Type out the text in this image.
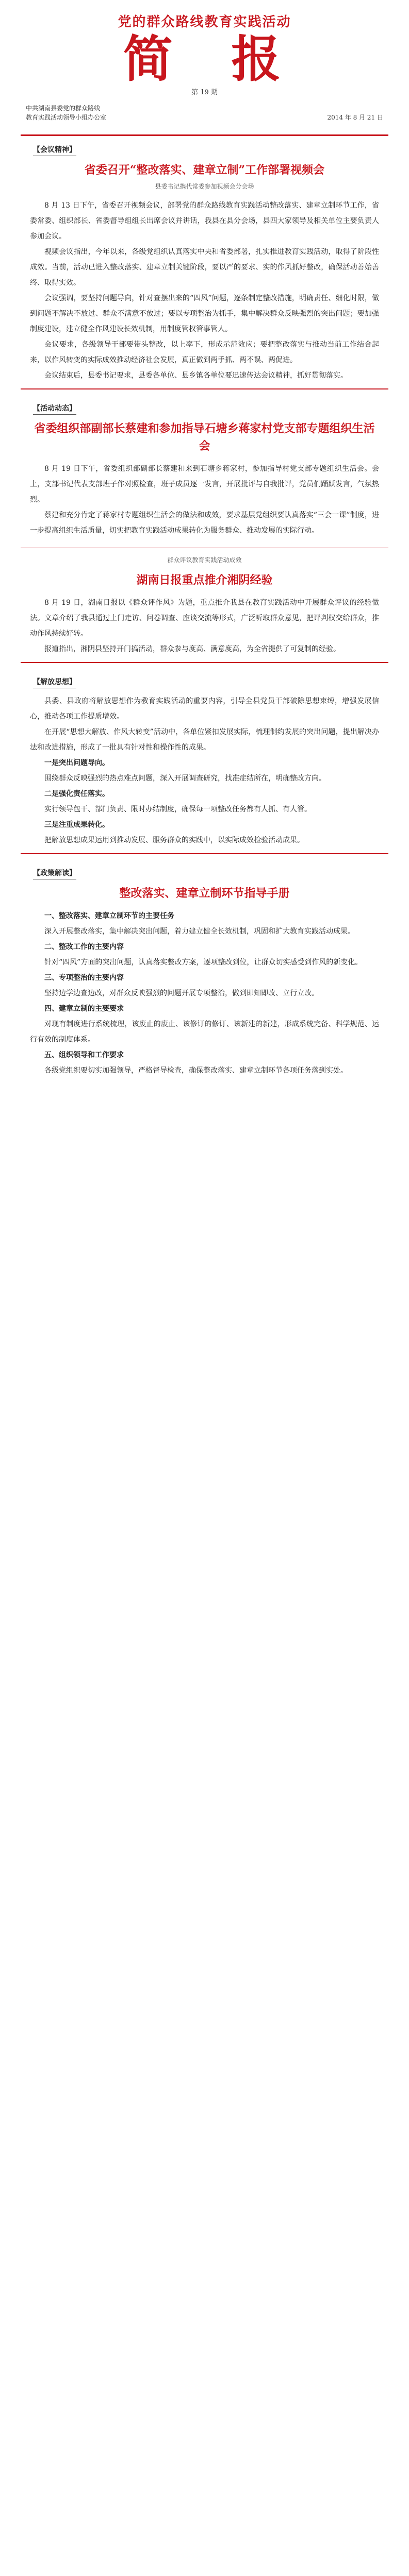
党的群众路线教育实践活动
简 报
第 19 期
中共湖南县委党的群众路线
教育实践活动领导小组办公室	2014 年 8 月 21 日
【会议精神】
省委召开“整改落实、建章立制”工作部署视频会
县委书记携代常委参加视频会分会场

8 月 13 日下午，省委召开视频会议，部署党的群众路线教育实践活动整改落实、建章立制环节工作，省委常委、组织部长、省委督导组组长出席会议并讲话，我县在县分会场，县四大家领导及相关单位主要负责人参加会议。

视频会议指出，今年以来，各级党组织认真落实中央和省委部署，扎实推进教育实践活动，取得了阶段性成效。当前，活动已进入整改落实、建章立制关键阶段，要以严的要求、实的作风抓好整改，确保活动善始善终、取得实效。

会议强调，要坚持问题导向，针对查摆出来的“四风”问题，逐条制定整改措施，明确责任、细化时限，做到问题不解决不放过、群众不满意不放过；要以专项整治为抓手，集中解决群众反映强烈的突出问题；要加强制度建设，建立健全作风建设长效机制，用制度管权管事管人。

会议要求，各级领导干部要带头整改，以上率下，形成示范效应；要把整改落实与推动当前工作结合起来，以作风转变的实际成效推动经济社会发展，真正做到两手抓、两不误、两促进。

会议结束后，县委书记要求，县委各单位、县乡镇各单位要迅速传达会议精神，抓好贯彻落实。

【活动动态】
省委组织部副部长蔡建和参加指导石塘乡蒋家村党支部专题组织生活会

8 月 19 日下午，省委组织部副部长蔡建和来到石塘乡蒋家村，参加指导村党支部专题组织生活会。会上，支部书记代表支部班子作对照检查，班子成员逐一发言，开展批评与自我批评，党员们踊跃发言，气氛热烈。

蔡建和充分肯定了蒋家村专题组织生活会的做法和成效，要求基层党组织要认真落实“三会一课”制度，进一步提高组织生活质量，切实把教育实践活动成果转化为服务群众、推动发展的实际行动。

群众评议教育实践活动成效
湖南日报重点推介湘阴经验

8 月 19 日，湖南日报以《群众评作风》为题，重点推介我县在教育实践活动中开展群众评议的经验做法。文章介绍了我县通过上门走访、问卷调查、座谈交流等形式，广泛听取群众意见，把评判权交给群众，推动作风持续好转。

报道指出，湘阴县坚持开门搞活动，群众参与度高、满意度高，为全省提供了可复制的经验。

【解放思想】

县委、县政府将解放思想作为教育实践活动的重要内容，引导全县党员干部破除思想束缚，增强发展信心，推动各项工作提质增效。

在开展“思想大解放、作风大转变”活动中，各单位紧扣发展实际，梳理制约发展的突出问题，提出解决办法和改进措施，形成了一批具有针对性和操作性的成果。

一是突出问题导向。

围绕群众反映强烈的热点难点问题，深入开展调查研究，找准症结所在，明确整改方向。

二是强化责任落实。

实行领导包干、部门负责、限时办结制度，确保每一项整改任务都有人抓、有人管。

三是注重成果转化。

把解放思想成果运用到推动发展、服务群众的实践中，以实际成效检验活动成果。

【政策解读】
整改落实、建章立制环节指导手册
一、整改落实、建章立制环节的主要任务

深入开展整改落实，集中解决突出问题，着力建立健全长效机制，巩固和扩大教育实践活动成果。

二、整改工作的主要内容

针对“四风”方面的突出问题，认真落实整改方案，逐项整改到位，让群众切实感受到作风的新变化。

三、专项整治的主要内容

坚持边学边查边改，对群众反映强烈的问题开展专项整治，做到即知即改、立行立改。

四、建章立制的主要要求

对现有制度进行系统梳理，该废止的废止、该修订的修订、该新建的新建，形成系统完备、科学规范、运行有效的制度体系。

五、组织领导和工作要求

各级党组织要切实加强领导，严格督导检查，确保整改落实、建章立制环节各项任务落到实处。
